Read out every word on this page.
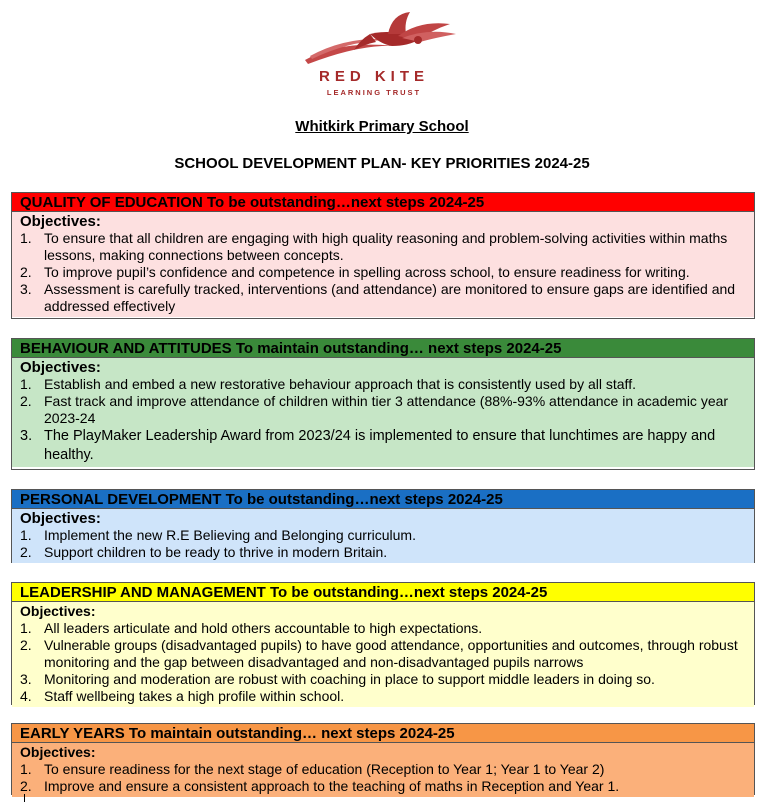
RED KITE
LEARNING TRUST
Whitkirk Primary School
SCHOOL DEVELOPMENT PLAN- KEY PRIORITIES 2024-25
QUALITY OF EDUCATION To be outstanding…next steps 2024-25
Objectives:
1. To ensure that all children are engaging with high quality reasoning and problem-solving activities within maths lessons, making connections between concepts.
2. To improve pupil’s confidence and competence in spelling across school, to ensure readiness for writing.
3. Assessment is carefully tracked, interventions (and attendance) are monitored to ensure gaps are identified and addressed effectively
BEHAVIOUR AND ATTITUDES To maintain outstanding… next steps 2024-25
Objectives:
1. Establish and embed a new restorative behaviour approach that is consistently used by all staff.
2. Fast track and improve attendance of children within tier 3 attendance (88%-93% attendance in academic year 2023-24
3. The PlayMaker Leadership Award from 2023/24 is implemented to ensure that lunchtimes are happy and healthy.
PERSONAL DEVELOPMENT To be outstanding…next steps 2024-25
Objectives:
1. Implement the new R.E Believing and Belonging curriculum.
2. Support children to be ready to thrive in modern Britain.
LEADERSHIP AND MANAGEMENT To be outstanding…next steps 2024-25
Objectives:
1. All leaders articulate and hold others accountable to high expectations.
2. Vulnerable groups (disadvantaged pupils) to have good attendance, opportunities and outcomes, through robust monitoring and the gap between disadvantaged and non-disadvantaged pupils narrows
3. Monitoring and moderation are robust with coaching in place to support middle leaders in doing so.
4. Staff wellbeing takes a high profile within school.
EARLY YEARS To maintain outstanding… next steps 2024-25
Objectives:
1. To ensure readiness for the next stage of education (Reception to Year 1; Year 1 to Year 2)
2. Improve and ensure a consistent approach to the teaching of maths in Reception and Year 1.
